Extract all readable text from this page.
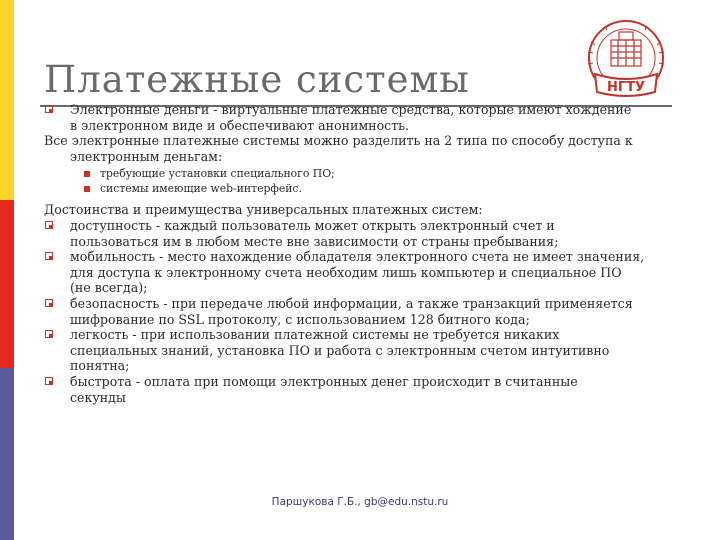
Платежные системы	НГТУ
Электронные деньги - виртуальные платежные средства, которые имеют хождение
в электронном виде и обеспечивают анонимность.
Все электронные платежные системы можно разделить на 2 типа по способу доступа к
электронным деньгам:
требующие установки специального ПО;
системы имеющие web-интерфейс.
Достоинства и преимущества универсальных платежных систем:
доступность - каждый пользователь может открыть электронный счет и
пользоваться им в любом месте вне зависимости от страны пребывания;
мобильность - место нахождение обладателя электронного счета не имеет значения,
для доступа к электронному счета необходим лишь компьютер и специальное ПО
(не всегда);
безопасность - при передаче любой информации, а также транзакций применяется
шифрование по SSL протоколу, с использованием 128 битного кода;
легкость - при использовании платежной системы не требуется никаких
специальных знаний, установка ПО и работа с электронным счетом интуитивно
понятна;
быстрота - оплата при помощи электронных денег происходит в считанные
секунды
Паршукова Г.Б., gb@edu.nstu.ru
